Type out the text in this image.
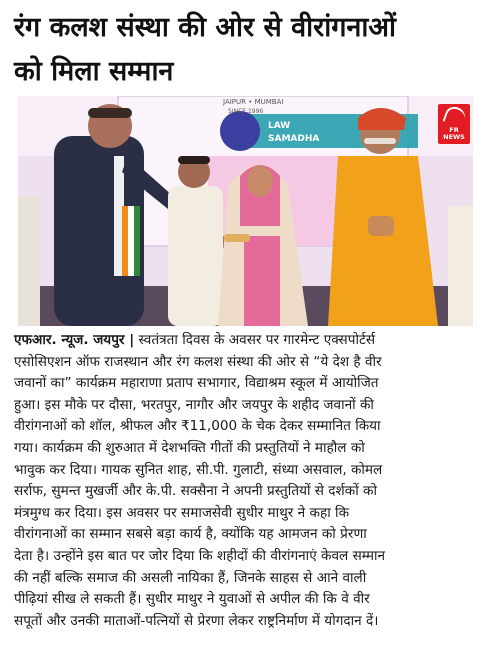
रंग कलश संस्था की ओर से वीरांगनाओं
को मिला सम्मान
JAIPUR • MUMBAI
SINCE 1996
LAW
SAMADHA
FR
NEWS
एफआर. न्यूज. जयपुर | स्वतंत्रता दिवस के अवसर पर गारमेन्ट एक्सपोर्टर्स
एसोसिएशन ऑफ राजस्थान और रंग कलश संस्था की ओर से “ये देश है वीर
जवानों का” कार्यक्रम महाराणा प्रताप सभागार, विद्याश्रम स्कूल में आयोजित
हुआ। इस मौके पर दौसा, भरतपुर, नागौर और जयपुर के शहीद जवानों की
वीरांगनाओं को शॉल, श्रीफल और ₹11,000 के चेक देकर सम्मानित किया
गया। कार्यक्रम की शुरुआत में देशभक्ति गीतों की प्रस्तुतियों ने माहौल को
भावुक कर दिया। गायक सुनित शाह, सी.पी. गुलाटी, संध्या असवाल, कोमल
सर्राफ, सुमन्त मुखर्जी और के.पी. सक्सैना ने अपनी प्रस्तुतियों से दर्शकों को
मंत्रमुग्ध कर दिया। इस अवसर पर समाजसेवी सुधीर माथुर ने कहा कि
वीरांगनाओं का सम्मान सबसे बड़ा कार्य है, क्योंकि यह आमजन को प्रेरणा
देता है। उन्होंने इस बात पर जोर दिया कि शहीदों की वीरांगनाएं केवल सम्मान
की नहीं बल्कि समाज की असली नायिका हैं, जिनके साहस से आने वाली
पीढ़ियां सीख ले सकती हैं। सुधीर माथुर ने युवाओं से अपील की कि वे वीर
सपूतों और उनकी माताओं-पत्नियों से प्रेरणा लेकर राष्ट्रनिर्माण में योगदान दें।
